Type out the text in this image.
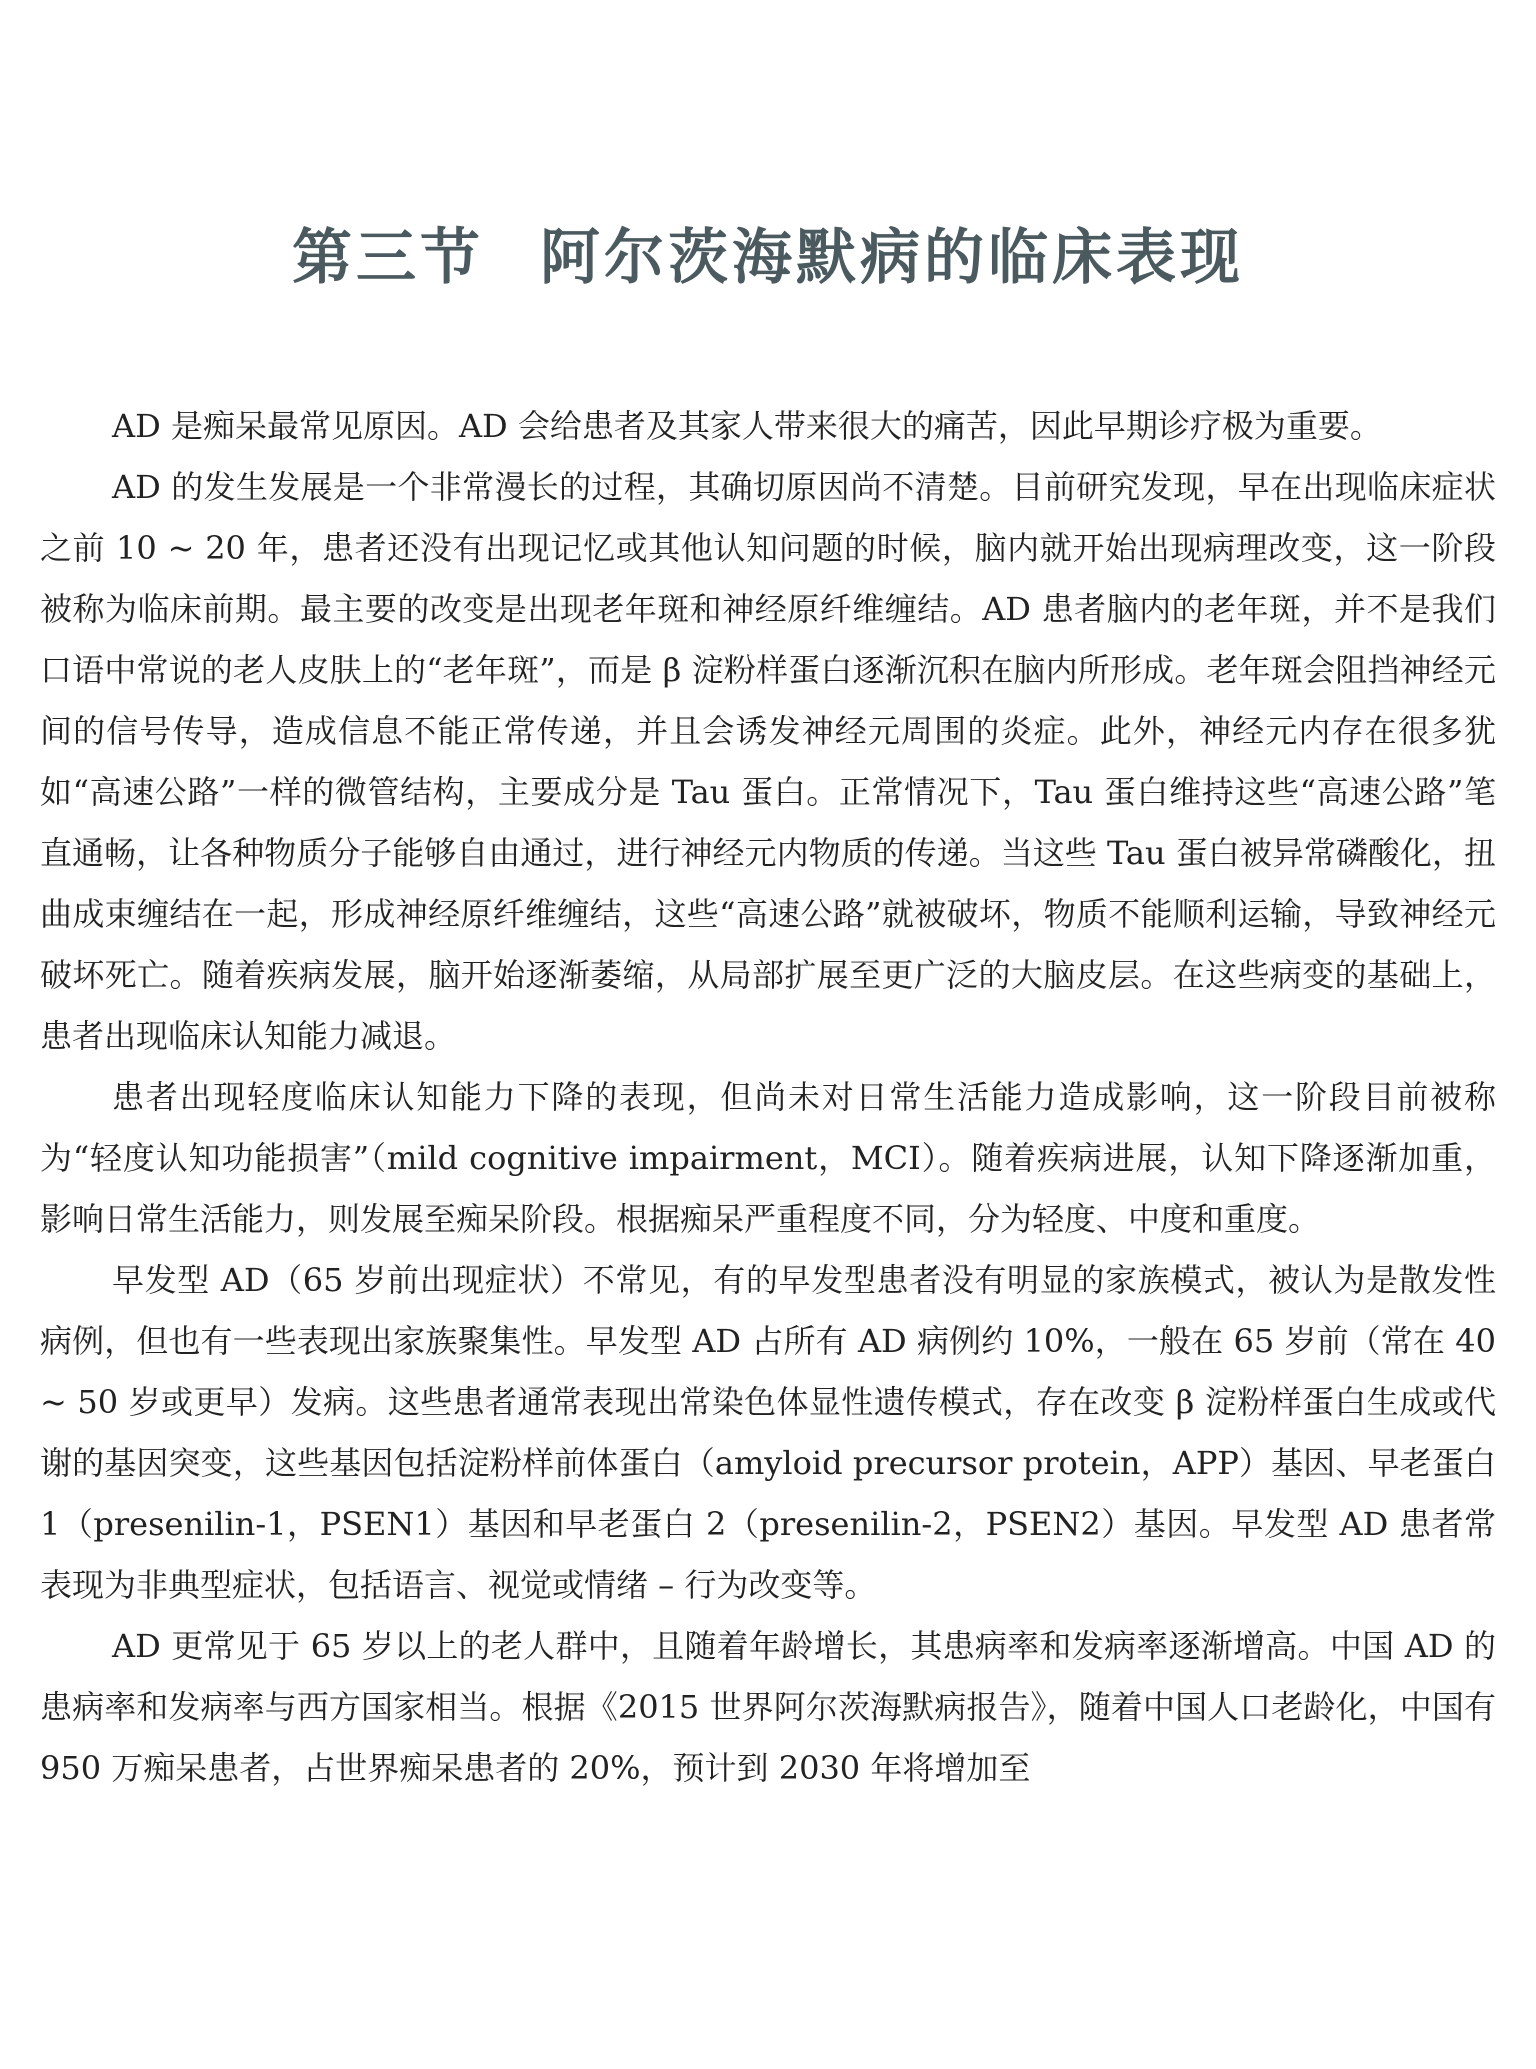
第三节 阿尔茨海默病的临床表现

AD 是痴呆最常见原因。AD 会给患者及其家人带来很大的痛苦，因此早期诊疗极为重要。

AD 的发生发展是一个非常漫长的过程，其确切原因尚不清楚。目前研究发现，早在出现临床症状之前 10 ~ 20 年，患者还没有出现记忆或其他认知问题的时候，脑内就开始出现病理改变，这一阶段被称为临床前期。最主要的改变是出现老年斑和神经原纤维缠结。AD 患者脑内的老年斑，并不是我们口语中常说的老人皮肤上的“老年斑”，而是 β 淀粉样蛋白逐渐沉积在脑内所形成。老年斑会阻挡神经元间的信号传导，造成信息不能正常传递，并且会诱发神经元周围的炎症。此外，神经元内存在很多犹如“高速公路”一样的微管结构，主要成分是 Tau 蛋白。正常情况下，Tau 蛋白维持这些“高速公路”笔直通畅，让各种物质分子能够自由通过，进行神经元内物质的传递。当这些 Tau 蛋白被异常磷酸化，扭曲成束缠结在一起，形成神经原纤维缠结，这些“高速公路”就被破坏，物质不能顺利运输，导致神经元破坏死亡。随着疾病发展，脑开始逐渐萎缩，从局部扩展至更广泛的大脑皮层。在这些病变的基础上，患者出现临床认知能力减退。

患者出现轻度临床认知能力下降的表现，但尚未对日常生活能力造成影响，这一阶段目前被称为“轻度认知功能损害”（mild cognitive impairment，MCI）。随着疾病进展，认知下降逐渐加重，影响日常生活能力，则发展至痴呆阶段。根据痴呆严重程度不同，分为轻度、中度和重度。

早发型 AD（65 岁前出现症状）不常见，有的早发型患者没有明显的家族模式，被认为是散发性病例，但也有一些表现出家族聚集性。早发型 AD 占所有 AD 病例约 10%，一般在 65 岁前（常在 40 ~ 50 岁或更早）发病。这些患者通常表现出常染色体显性遗传模式，存在改变 β 淀粉样蛋白生成或代谢的基因突变，这些基因包括淀粉样前体蛋白（amyloid precursor protein，APP）基因、早老蛋白 1（presenilin-1，PSEN1）基因和早老蛋白 2（presenilin-2，PSEN2）基因。早发型 AD 患者常表现为非典型症状，包括语言、视觉或情绪 – 行为改变等。

AD 更常见于 65 岁以上的老人群中，且随着年龄增长，其患病率和发病率逐渐增高。中国 AD 的患病率和发病率与西方国家相当。根据《2015 世界阿尔茨海默病报告》，随着中国人口老龄化，中国有 950 万痴呆患者，占世界痴呆患者的 20%，预计到 2030 年将增加至
